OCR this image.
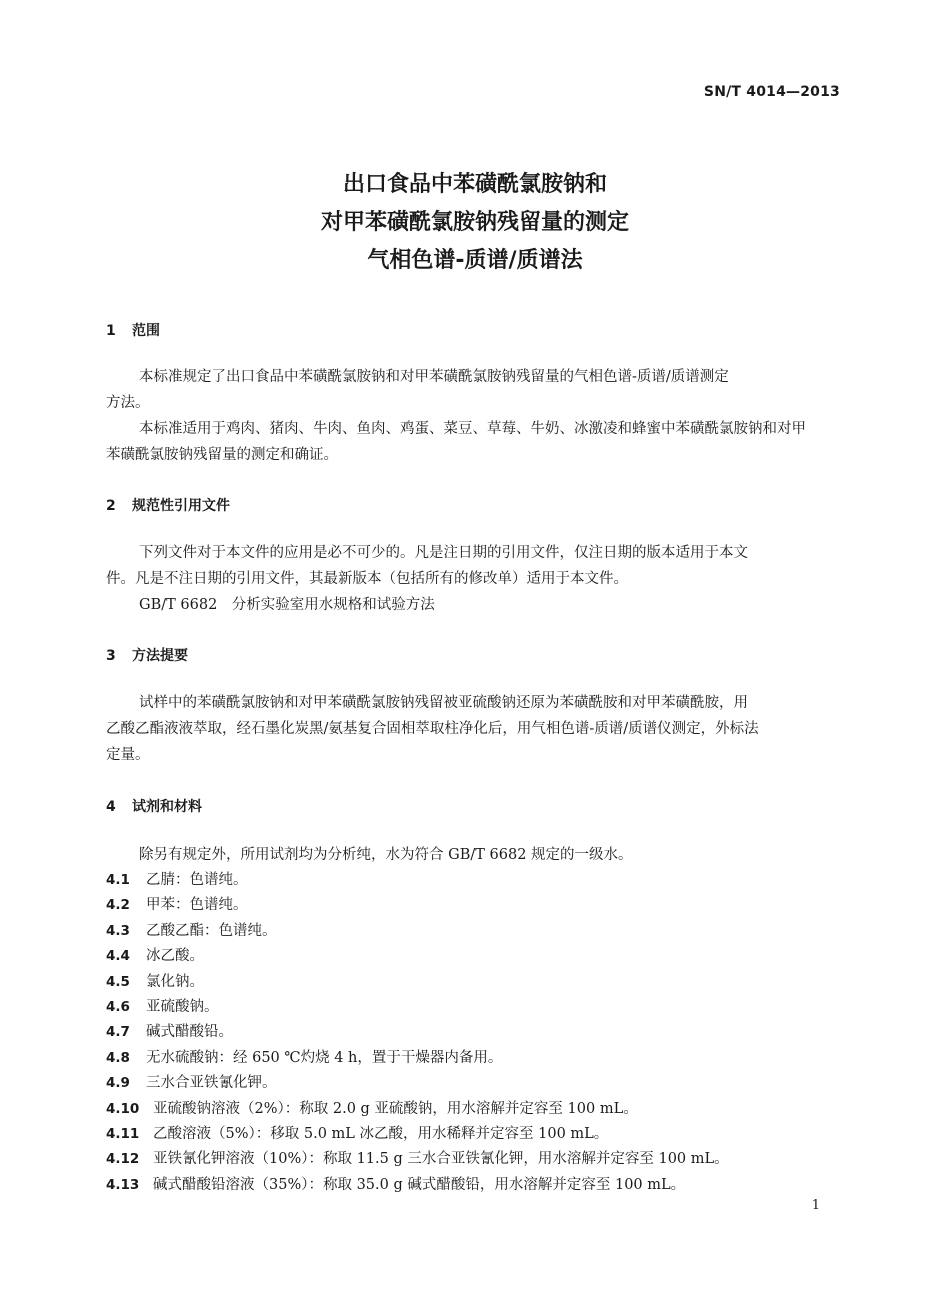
SN/T 4014—2013
出口食品中苯磺酰氯胺钠和
对甲苯磺酰氯胺钠残留量的测定
气相色谱-质谱/质谱法
1 范围
本标准规定了出口食品中苯磺酰氯胺钠和对甲苯磺酰氯胺钠残留量的气相色谱-质谱/质谱测定
方法。
本标准适用于鸡肉、猪肉、牛肉、鱼肉、鸡蛋、菜豆、草莓、牛奶、冰激凌和蜂蜜中苯磺酰氯胺钠和对甲
苯磺酰氯胺钠残留量的测定和确证。
2 规范性引用文件
下列文件对于本文件的应用是必不可少的。凡是注日期的引用文件，仅注日期的版本适用于本文
件。凡是不注日期的引用文件，其最新版本（包括所有的修改单）适用于本文件。
GB/T 6682　分析实验室用水规格和试验方法
3 方法提要
试样中的苯磺酰氯胺钠和对甲苯磺酰氯胺钠残留被亚硫酸钠还原为苯磺酰胺和对甲苯磺酰胺，用
乙酸乙酯液液萃取，经石墨化炭黑/氨基复合固相萃取柱净化后，用气相色谱-质谱/质谱仪测定，外标法
定量。
4 试剂和材料
除另有规定外，所用试剂均为分析纯，水为符合 GB/T 6682 规定的一级水。
4.1 乙腈：色谱纯。
4.2 甲苯：色谱纯。
4.3 乙酸乙酯：色谱纯。
4.4 冰乙酸。
4.5 氯化钠。
4.6 亚硫酸钠。
4.7 碱式醋酸铅。
4.8 无水硫酸钠：经 650 ℃灼烧 4 h，置于干燥器内备用。
4.9 三水合亚铁氰化钾。
4.10 亚硫酸钠溶液（2%）：称取 2.0 g 亚硫酸钠，用水溶解并定容至 100 mL。
4.11 乙酸溶液（5%）：移取 5.0 mL 冰乙酸，用水稀释并定容至 100 mL。
4.12 亚铁氰化钾溶液（10%）：称取 11.5 g 三水合亚铁氰化钾，用水溶解并定容至 100 mL。
4.13 碱式醋酸铅溶液（35%）：称取 35.0 g 碱式醋酸铅，用水溶解并定容至 100 mL。
1
